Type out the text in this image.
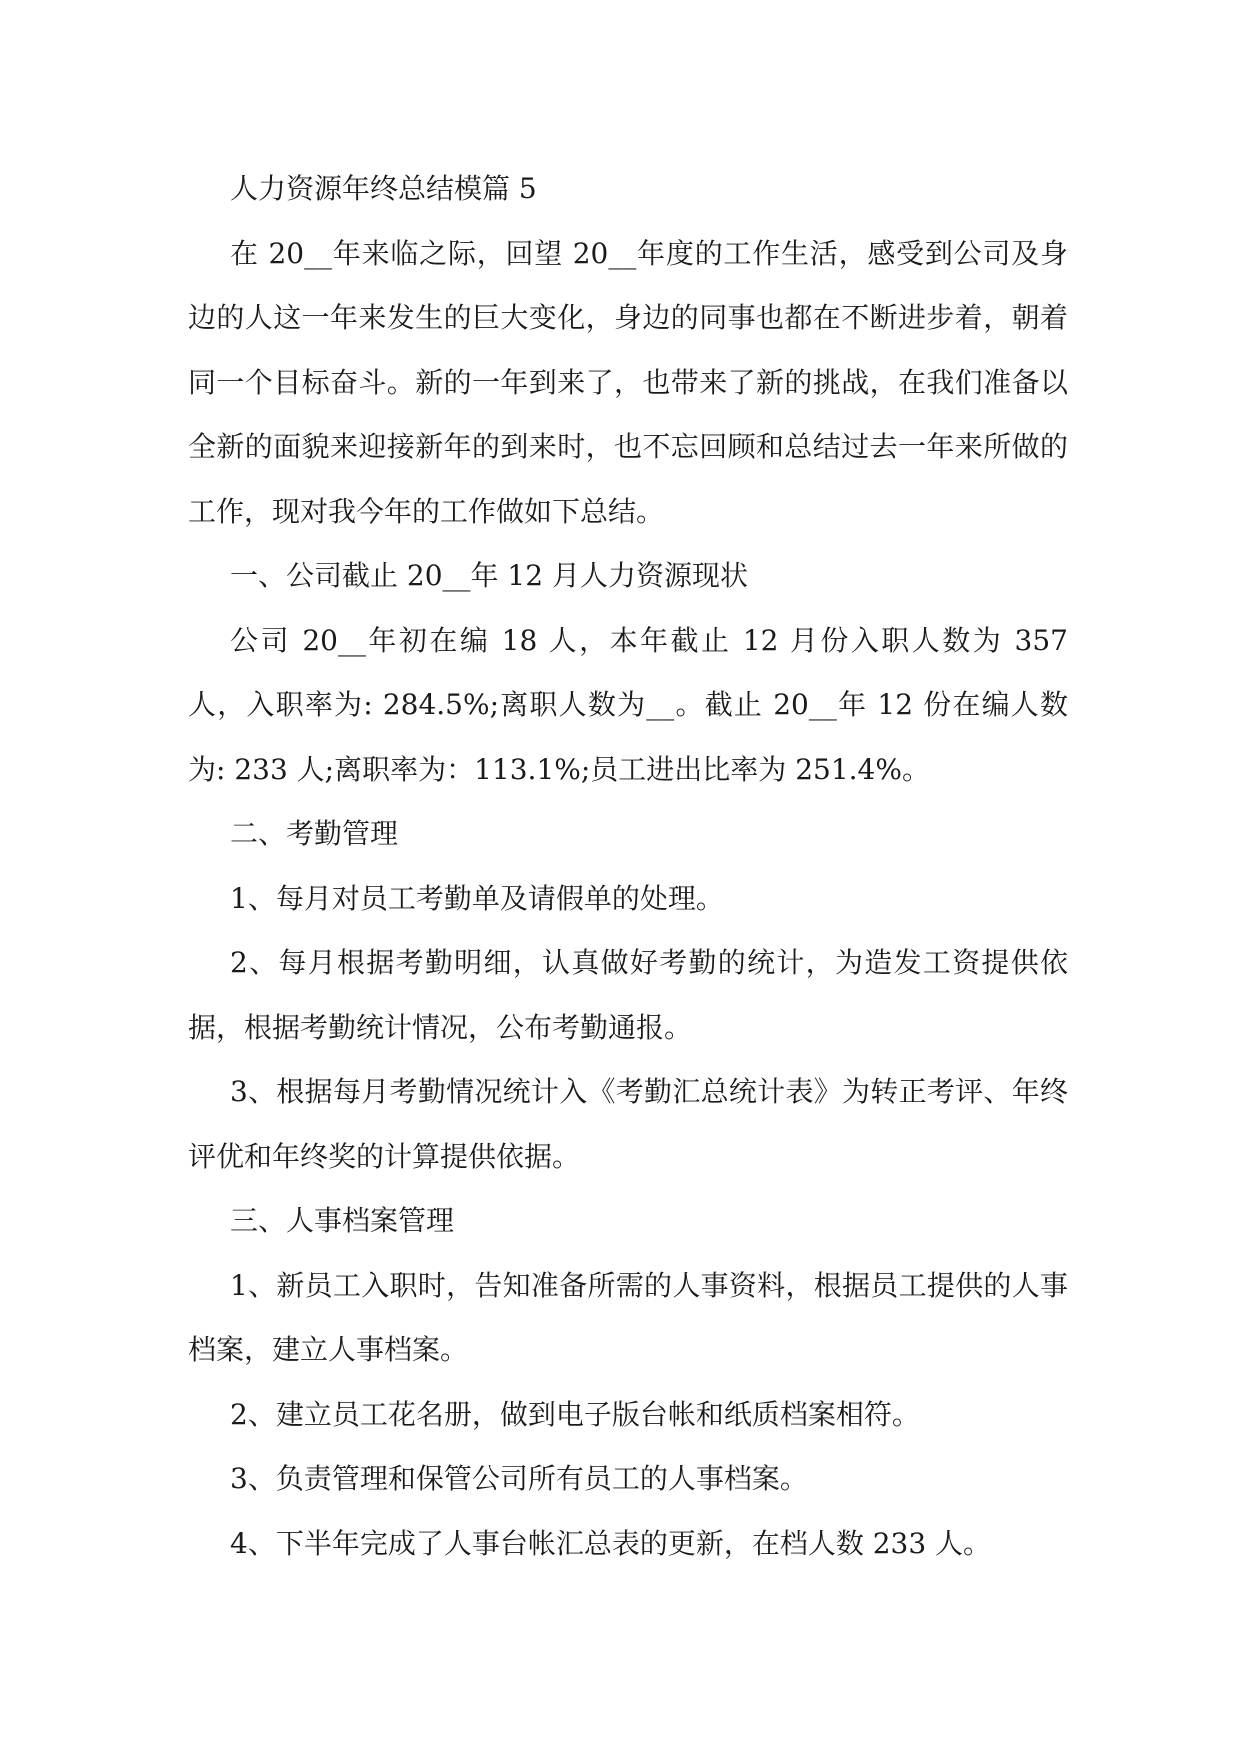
人力资源年终总结模篇 5

在 20__年来临之际，回望 20__年度的工作生活，感受到公司及身边的人这一年来发生的巨大变化，身边的同事也都在不断进步着，朝着同一个目标奋斗。新的一年到来了，也带来了新的挑战，在我们准备以全新的面貌来迎接新年的到来时，也不忘回顾和总结过去一年来所做的工作，现对我今年的工作做如下总结。

一、公司截止 20__年 12 月人力资源现状

公司 20__年初在编 18 人，本年截止 12 月份入职人数为 357 人，入职率为: 284.5%;离职人数为__。截止 20__年 12 份在编人数为: 233 人;离职率为：113.1%;员工进出比率为 251.4%。

二、考勤管理

1、每月对员工考勤单及请假单的处理。

2、每月根据考勤明细，认真做好考勤的统计，为造发工资提供依据，根据考勤统计情况，公布考勤通报。

3、根据每月考勤情况统计入《考勤汇总统计表》为转正考评、年终评优和年终奖的计算提供依据。

三、人事档案管理

1、新员工入职时，告知准备所需的人事资料，根据员工提供的人事档案，建立人事档案。

2、建立员工花名册，做到电子版台帐和纸质档案相符。

3、负责管理和保管公司所有员工的人事档案。

4、下半年完成了人事台帐汇总表的更新，在档人数 233 人。
